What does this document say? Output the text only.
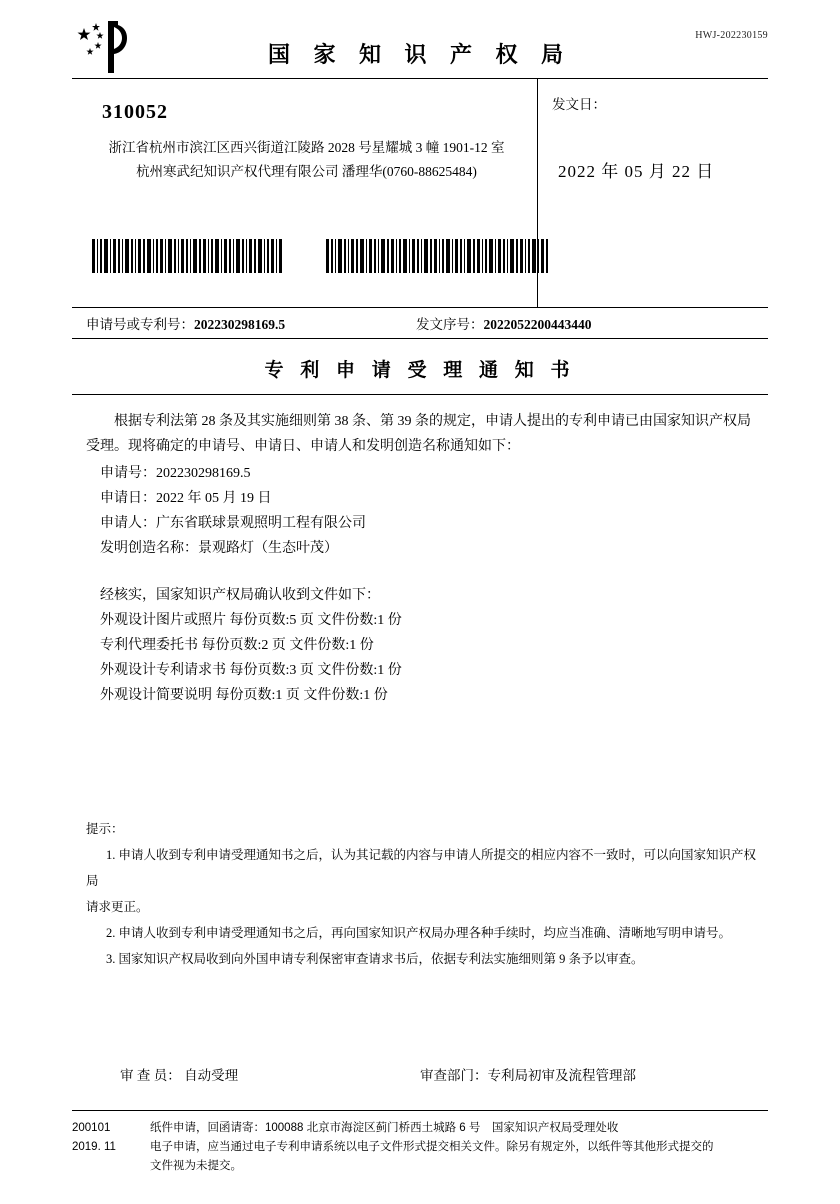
HWJ-202230159
国 家 知 识 产 权 局
310052
浙江省杭州市滨江区西兴街道江陵路 2028 号星耀城 3 幢 1901-12 室
杭州寒武纪知识产权代理有限公司 潘理华(0760-88625484)
发文日：
2022 年 05 月 22 日
申请号或专利号：202230298169.5	发文序号：2022052200443440
专 利 申 请 受 理 通 知 书
根据专利法第 28 条及其实施细则第 38 条、第 39 条的规定，申请人提出的专利申请已由国家知识产权局受理。现将确定的申请号、申请日、申请人和发明创造名称通知如下：

申请号：202230298169.5

申请日：2022 年 05 月 19 日

申请人：广东省联球景观照明工程有限公司

发明创造名称：景观路灯（生态叶茂）

经核实，国家知识产权局确认收到文件如下：

外观设计图片或照片 每份页数:5 页 文件份数:1 份

专利代理委托书 每份页数:2 页 文件份数:1 份

外观设计专利请求书 每份页数:3 页 文件份数:1 份

外观设计简要说明 每份页数:1 页 文件份数:1 份

提示：
1. 申请人收到专利申请受理通知书之后，认为其记载的内容与申请人所提交的相应内容不一致时，可以向国家知识产权局
请求更正。
2. 申请人收到专利申请受理通知书之后，再向国家知识产权局办理各种手续时，均应当准确、清晰地写明申请号。
3. 国家知识产权局收到向外国申请专利保密审查请求书后，依据专利法实施细则第 9 条予以审查。
审 查 员： 自动受理	审查部门：专利局初审及流程管理部
200101
2019. 11
纸件申请，回函请寄：100088 北京市海淀区蓟门桥西土城路 6 号　国家知识产权局受理处收
电子申请，应当通过电子专利申请系统以电子文件形式提交相关文件。除另有规定外，以纸件等其他形式提交的
文件视为未提交。
